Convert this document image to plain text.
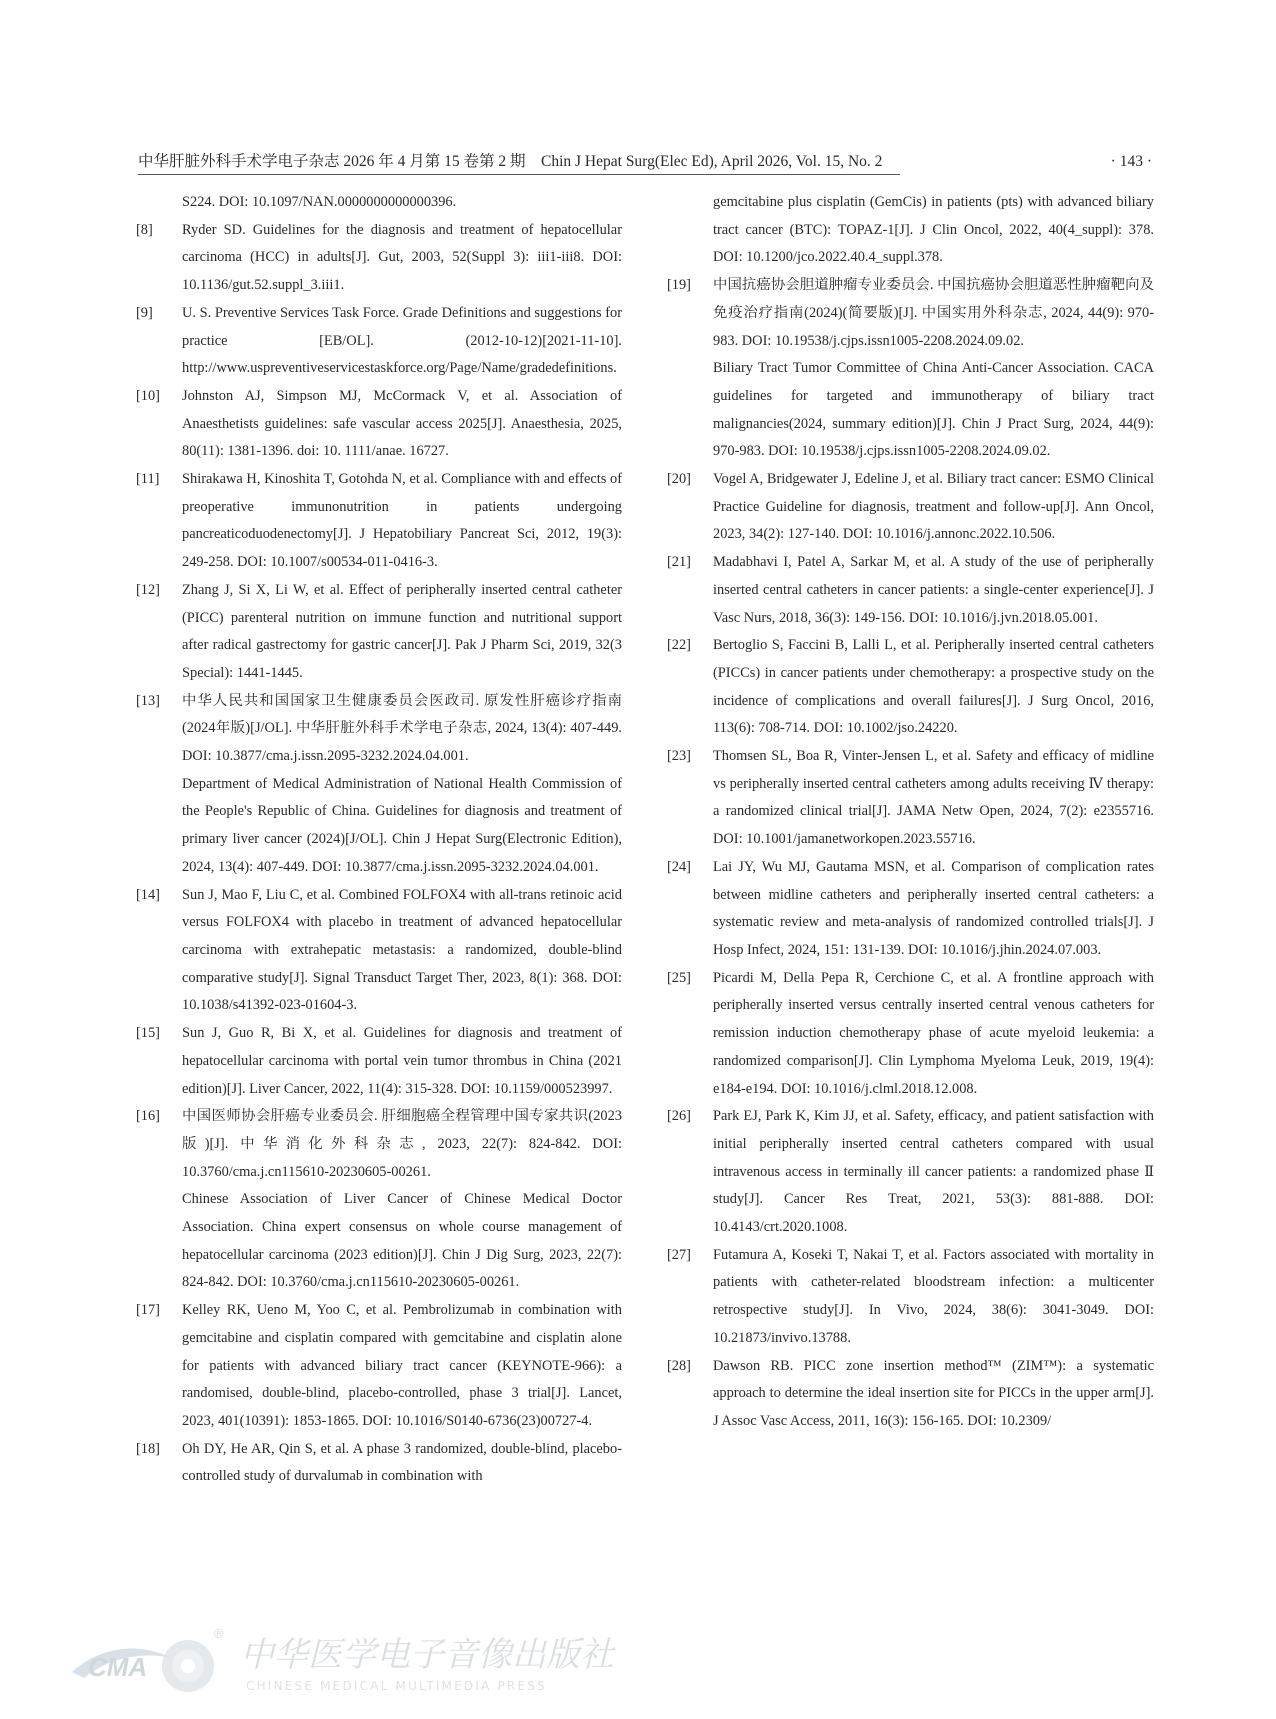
中华肝脏外科手术学电子杂志 2026 年 4 月第 15 卷第 2 期　Chin J Hepat Surg(Elec Ed), April 2026, Vol. 15, No. 2	· 143 ·
S224. DOI: 10.1097/NAN.0000000000000396.
[8]	Ryder SD. Guidelines for the diagnosis and treatment of hepatocellular carcinoma (HCC) in adults[J]. Gut, 2003, 52(Suppl 3): iii1-iii8. DOI: 10.1136/gut.52.suppl_3.iii1.
[9]	U. S. Preventive Services Task Force. Grade Definitions and suggestions for practice [EB/OL]. (2012-10-12)[2021-11-10]. http://www.uspreventiveservicestaskforce.org/Page/Name/gradedefinitions.
[10]	Johnston AJ, Simpson MJ, McCormack V, et al. Association of Anaesthetists guidelines: safe vascular access 2025[J]. Anaesthesia, 2025, 80(11): 1381-1396. doi: 10. 1111/anae. 16727.
[11]	Shirakawa H, Kinoshita T, Gotohda N, et al. Compliance with and effects of preoperative immunonutrition in patients undergoing pancreaticoduodenectomy[J]. J Hepatobiliary Pancreat Sci, 2012, 19(3): 249-258. DOI: 10.1007/s00534-011-0416-3.
[12]	Zhang J, Si X, Li W, et al. Effect of peripherally inserted central catheter (PICC) parenteral nutrition on immune function and nutritional support after radical gastrectomy for gastric cancer[J]. Pak J Pharm Sci, 2019, 32(3 Special): 1441-1445.
[13]	中华人民共和国国家卫生健康委员会医政司. 原发性肝癌诊疗指南(2024年版)[J/OL]. 中华肝脏外科手术学电子杂志, 2024, 13(4): 407-449. DOI: 10.3877/cma.j.issn.2095-3232.2024.04.001.
Department of Medical Administration of National Health Commission of the People's Republic of China. Guidelines for diagnosis and treatment of primary liver cancer (2024)[J/OL]. Chin J Hepat Surg(Electronic Edition), 2024, 13(4): 407-449. DOI: 10.3877/cma.j.issn.2095-3232.2024.04.001.
[14]	Sun J, Mao F, Liu C, et al. Combined FOLFOX4 with all-trans retinoic acid versus FOLFOX4 with placebo in treatment of advanced hepatocellular carcinoma with extrahepatic metastasis: a randomized, double-blind comparative study[J]. Signal Transduct Target Ther, 2023, 8(1): 368. DOI: 10.1038/s41392-023-01604-3.
[15]	Sun J, Guo R, Bi X, et al. Guidelines for diagnosis and treatment of hepatocellular carcinoma with portal vein tumor thrombus in China (2021 edition)[J]. Liver Cancer, 2022, 11(4): 315-328. DOI: 10.1159/000523997.
[16]	中国医师协会肝癌专业委员会. 肝细胞癌全程管理中国专家共识(2023版)[J]. 中华消化外科杂志, 2023, 22(7): 824-842. DOI: 10.3760/cma.j.cn115610-20230605-00261.
Chinese Association of Liver Cancer of Chinese Medical Doctor Association. China expert consensus on whole course management of hepatocellular carcinoma (2023 edition)[J]. Chin J Dig Surg, 2023, 22(7): 824-842. DOI: 10.3760/cma.j.cn115610-20230605-00261.
[17]	Kelley RK, Ueno M, Yoo C, et al. Pembrolizumab in combination with gemcitabine and cisplatin compared with gemcitabine and cisplatin alone for patients with advanced biliary tract cancer (KEYNOTE-966): a randomised, double-blind, placebo-controlled, phase 3 trial[J]. Lancet, 2023, 401(10391): 1853-1865. DOI: 10.1016/S0140-6736(23)00727-4.
[18]	Oh DY, He AR, Qin S, et al. A phase 3 randomized, double-blind, placebo-controlled study of durvalumab in combination with
gemcitabine plus cisplatin (GemCis) in patients (pts) with advanced biliary tract cancer (BTC): TOPAZ-1[J]. J Clin Oncol, 2022, 40(4_suppl): 378. DOI: 10.1200/jco.2022.40.4_suppl.378.
[19]	中国抗癌协会胆道肿瘤专业委员会. 中国抗癌协会胆道恶性肿瘤靶向及免疫治疗指南(2024)(简要版)[J]. 中国实用外科杂志, 2024, 44(9): 970-983. DOI: 10.19538/j.cjps.issn1005-2208.2024.09.02.
Biliary Tract Tumor Committee of China Anti-Cancer Association. CACA guidelines for targeted and immunotherapy of biliary tract malignancies(2024, summary edition)[J]. Chin J Pract Surg, 2024, 44(9): 970-983. DOI: 10.19538/j.cjps.issn1005-2208.2024.09.02.
[20]	Vogel A, Bridgewater J, Edeline J, et al. Biliary tract cancer: ESMO Clinical Practice Guideline for diagnosis, treatment and follow-up[J]. Ann Oncol, 2023, 34(2): 127-140. DOI: 10.1016/j.annonc.2022.10.506.
[21]	Madabhavi I, Patel A, Sarkar M, et al. A study of the use of peripherally inserted central catheters in cancer patients: a single-center experience[J]. J Vasc Nurs, 2018, 36(3): 149-156. DOI: 10.1016/j.jvn.2018.05.001.
[22]	Bertoglio S, Faccini B, Lalli L, et al. Peripherally inserted central catheters (PICCs) in cancer patients under chemotherapy: a prospective study on the incidence of complications and overall failures[J]. J Surg Oncol, 2016, 113(6): 708-714. DOI: 10.1002/jso.24220.
[23]	Thomsen SL, Boa R, Vinter-Jensen L, et al. Safety and efficacy of midline vs peripherally inserted central catheters among adults receiving Ⅳ therapy: a randomized clinical trial[J]. JAMA Netw Open, 2024, 7(2): e2355716. DOI: 10.1001/jamanetworkopen.2023.55716.
[24]	Lai JY, Wu MJ, Gautama MSN, et al. Comparison of complication rates between midline catheters and peripherally inserted central catheters: a systematic review and meta-analysis of randomized controlled trials[J]. J Hosp Infect, 2024, 151: 131-139. DOI: 10.1016/j.jhin.2024.07.003.
[25]	Picardi M, Della Pepa R, Cerchione C, et al. A frontline approach with peripherally inserted versus centrally inserted central venous catheters for remission induction chemotherapy phase of acute myeloid leukemia: a randomized comparison[J]. Clin Lymphoma Myeloma Leuk, 2019, 19(4): e184-e194. DOI: 10.1016/j.clml.2018.12.008.
[26]	Park EJ, Park K, Kim JJ, et al. Safety, efficacy, and patient satisfaction with initial peripherally inserted central catheters compared with usual intravenous access in terminally ill cancer patients: a randomized phase Ⅱ study[J]. Cancer Res Treat, 2021, 53(3): 881-888. DOI: 10.4143/crt.2020.1008.
[27]	Futamura A, Koseki T, Nakai T, et al. Factors associated with mortality in patients with catheter-related bloodstream infection: a multicenter retrospective study[J]. In Vivo, 2024, 38(6): 3041-3049. DOI: 10.21873/invivo.13788.
[28]	Dawson RB. PICC zone insertion method™ (ZIM™): a systematic approach to determine the ideal insertion site for PICCs in the upper arm[J]. J Assoc Vasc Access, 2011, 16(3): 156-165. DOI: 10.2309/
CMA
®
中华医学电子音像出版社
CHINESE MEDICAL MULTIMEDIA PRESS
